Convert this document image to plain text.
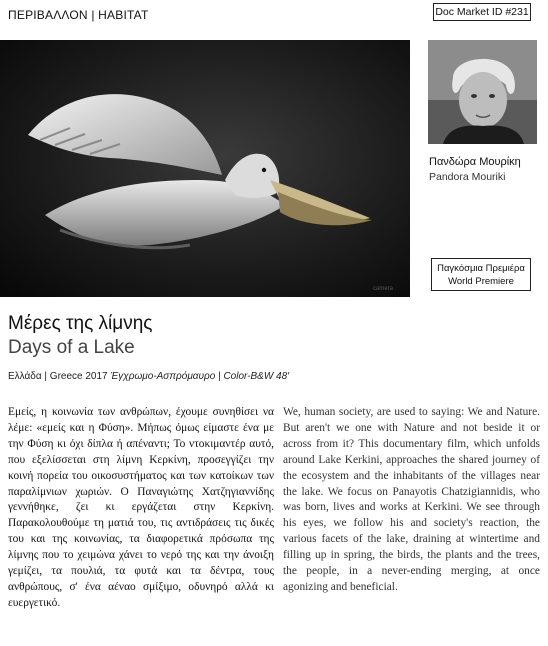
ΠΕΡΙΒΑΛΛΟΝ | HABITAT	Doc Market ID #231
camera
Πανδώρα Μουρίκη
Pandora Mouriki
Παγκόσμια Πρεμιέρα
World Premiere
Μέρες της λίμνης
Days of a Lake
Ελλάδα | Greece 2017 Έγχρωμο-Ασπρόμαυρο | Color-B&W 48'
Εμείς, η κοινωνία των ανθρώπων, έχουμε συνηθίσει να λέμε: «εμείς και η Φύση». Μήπως όμως είμαστε ένα με την Φύση κι όχι δίπλα ή απέναντι; Το ντοκιμαντέρ αυτό, που εξελίσσεται στη λίμνη Κερκίνη, προσεγγίζει την κοινή πορεία του οικοσυστήματος και των κατοίκων των παραλίμνιων χωριών. Ο Παναγιώτης Χατζηγιαννίδης γεννήθηκε, ζει κι εργάζεται στην Κερκίνη. Παρακολουθούμε τη ματιά του, τις αντιδράσεις τις δικές του και της κοινωνίας, τα διαφορετικά πρόσωπα της λίμνης που το χειμώνα χάνει το νερό της και την άνοιξη γεμίζει, τα πουλιά, τα φυτά και τα δέντρα, τους ανθρώπους, σ' ένα αέναο σμίξιμο, οδυνηρό αλλά κι ευεργετικό.
We, human society, are used to saying: We and Nature. But aren't we one with Nature and not beside it or across from it? This documentary film, which unfolds around Lake Kerkini, approaches the shared journey of the ecosystem and the inhabitants of the villages near the lake. We focus on Panayotis Chatzigiannidis, who was born, lives and works at Kerkini. We see through his eyes, we follow his and society's reaction, the various facets of the lake, draining at wintertime and filling up in spring, the birds, the plants and the trees, the people, in a never-ending merging, at once agonizing and beneficial.
